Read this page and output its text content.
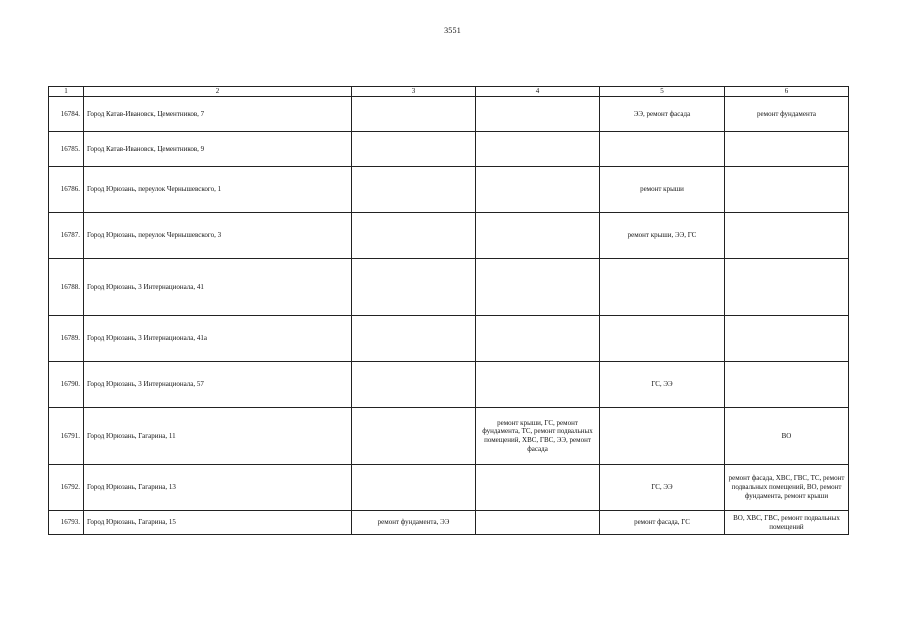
3551
1	2	3	4	5	6
16784.	Город Катав-Ивановск, Цементников, 7			ЭЭ, ремонт фасада	ремонт фундамента
16785.	Город Катав-Ивановск, Цементников, 9				
16786.	Город Юрюзань, переулок Чернышевского, 1			ремонт крыши	
16787.	Город Юрюзань, переулок Чернышевского, 3			ремонт крыши, ЭЭ, ГС	
16788.	Город Юрюзань, 3 Интернационала, 41				
16789.	Город Юрюзань, 3 Интернационала, 41а				
16790.	Город Юрюзань, 3 Интернационала, 57			ГС, ЭЭ	
16791.	Город Юрюзань, Гагарина, 11		ремонт крыши, ГС, ремонт фундамента, ТС, ремонт подвальных помещений, ХВС, ГВС, ЭЭ, ремонт фасада		ВО
16792.	Город Юрюзань, Гагарина, 13			ГС, ЭЭ	ремонт фасада, ХВС, ГВС, ТС, ремонт подвальных помещений, ВО, ремонт фундамента, ремонт крыши
16793.	Город Юрюзань, Гагарина, 15	ремонт фундамента, ЭЭ		ремонт фасада, ГС	ВО, ХВС, ГВС, ремонт подвальных помещений
